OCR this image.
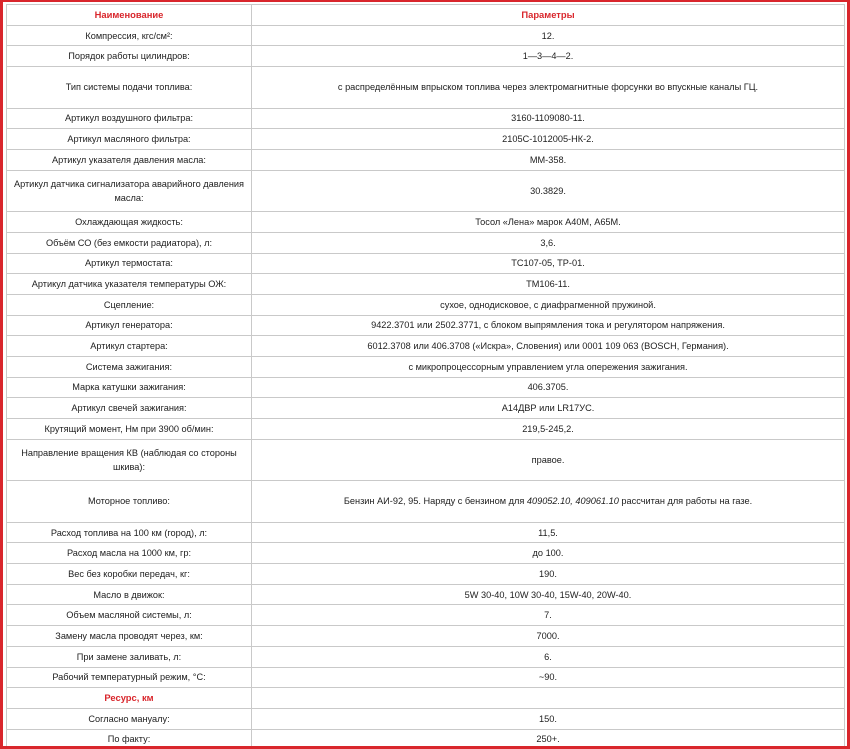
Наименование	Параметры
Компрессия, кгс/см²:	12.
Порядок работы цилиндров:	1—3—4—2.
Тип системы подачи топлива:	с распределённым впрыском топлива через электромагнитные форсунки во впускные каналы ГЦ.
Артикул воздушного фильтра:	3160-1109080-11.
Артикул масляного фильтра:	2105С-1012005-НК-2.
Артикул указателя давления масла:	ММ-358.
Артикул датчика сигнализатора аварийного давления масла:	30.3829.
Охлаждающая жидкость:	Тосол «Лена» марок А40М, А65М.
Объём СО (без емкости радиатора), л:	3,6.
Артикул термостата:	ТС107-05, ТР-01.
Артикул датчика указателя температуры ОЖ:	ТМ106-11.
Сцепление:	сухое, однодисковое, с диафрагменной пружиной.
Артикул генератора:	9422.3701 или 2502.3771, с блоком выпрямления тока и регулятором напряжения.
Артикул стартера:	6012.3708 или 406.3708 («Искра», Словения) или 0001 109 063 (BOSCH, Германия).
Система зажигания:	с микропроцессорным управлением угла опережения зажигания.
Марка катушки зажигания:	406.3705.
Артикул свечей зажигания:	А14ДВР или LR17УС.
Крутящий момент, Нм при 3900 об/мин:	219,5-245,2.
Направление вращения КВ (наблюдая со стороны шкива):	правое.
Моторное топливо:	Бензин АИ-92, 95. Наряду с бензином для 409052.10, 409061.10 рассчитан для работы на газе.
Расход топлива на 100 км (город), л:	11,5.
Расход масла на 1000 км, гр:	до 100.
Вес без коробки передач, кг:	190.
Масло в движок:	5W 30-40, 10W 30-40, 15W-40, 20W-40.
Объем масляной системы, л:	7.
Замену масла проводят через, км:	7000.
При замене заливать, л:	6.
Рабочий температурный режим, °С:	~90.
Ресурс, км	
Согласно мануалу:	150.
По факту:	250+.
